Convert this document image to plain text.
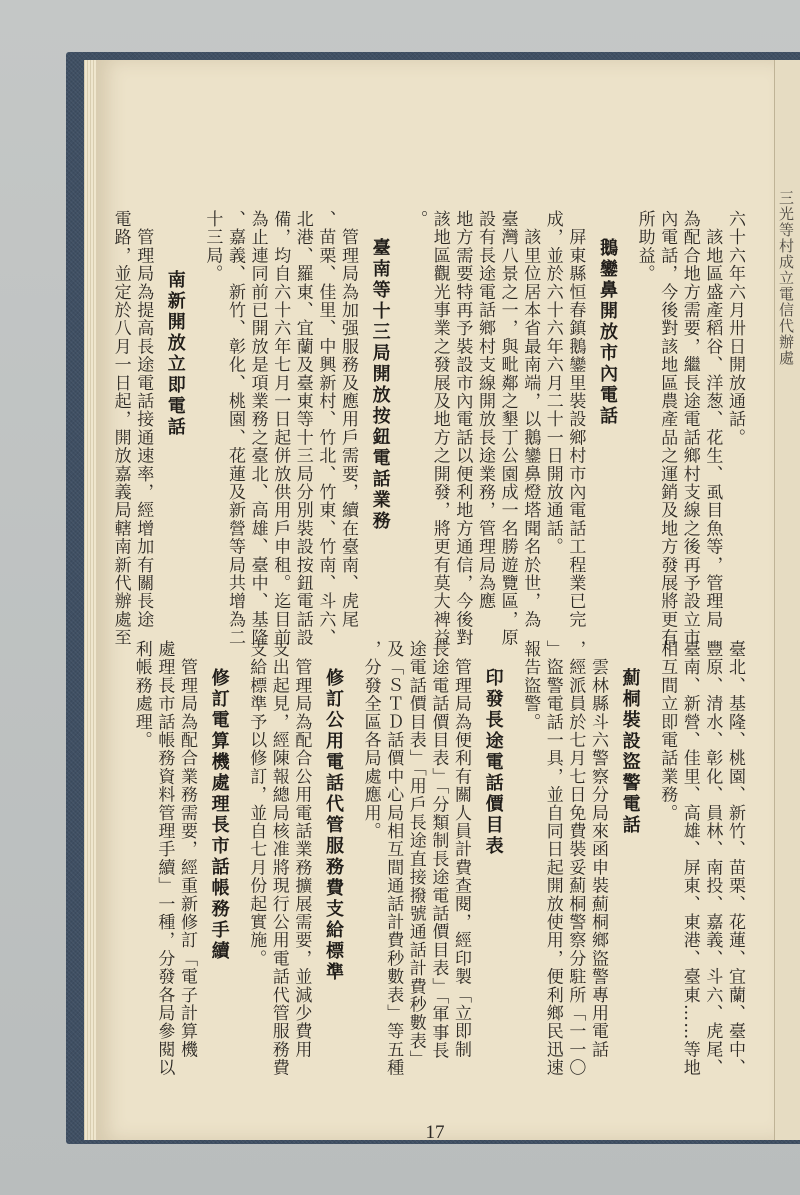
六十六年六月卅日開放通話。
　該地區盛產稻谷、洋葱、花生、虱目魚等，管理局
為配合地方需要，繼長途電話鄉村支線之後再予設立市
內電話，今後對該地區農產品之運銷及地方發展將更有
所助益。
鵝鑾鼻開放市內電話
　屏東縣恒春鎮鵝鑾里裝設鄉村市內電話工程業已完
成，並於六十六年六月二十一日開放通話。
　該里位居本省最南端，以鵝鑾鼻燈塔聞名於世，為
臺灣八景之一，與毗鄰之墾丁公園成一名勝遊覽區，原
設有長途電話鄉村支線開放長途業務，管理局為應
地方需要特再予裝設市內電話以便利地方通信，今後對
該地區觀光事業之發展及地方之開發，將更有莫大裨益
。
臺南等十三局開放按鈕電話業務
　管理局為加强服務及應用戶需要，續在臺南、虎尾
、苗栗、佳里、中興新村、竹北、竹東、竹南、斗六、
北港、羅東、宜蘭及臺東等十三局分別裝設按鈕電話設
備，均自六十六年七月一日起併放供用戶申租。迄目前
為止連同前已開放是項業務之臺北、高雄、臺中、基隆
、嘉義、新竹、彰化、桃園、花蓮及新營等局共增為二
十三局。
南新開放立即電話
　管理局為提高長途電話接通速率，經增加有關長途
電路，並定於八月一日起，開放嘉義局轄南新代辦處至
臺北、基隆、桃園、新竹、苗栗、花蓮、宜蘭、臺中、
豐原、清水、彰化、員林、南投、嘉義、斗六、虎尾、
臺南、新營、佳里、高雄、屏東、東港、臺東……等地
相互間立即電話業務。
薊桐裝設盜警電話
　雲林縣斗六警察分局來函申裝薊桐鄉盜警專用電話
，經派員於七月七日免費裝妥薊桐警察分駐所「一一〇
」盜警電話一具，並自同日起開放使用，便利鄉民迅速
報告盜警。
印發長途電話價目表
　管理局為便利有關人員計費查閱，經印製「立即制
長途電話價目表」「分類制長途電話價目表」「軍事長
途電話價目表」「用戶長途直接撥號通話計費秒數表」
及「ＳＴＤ話價中心局相互間通話計費秒數表」等五種
，分發全區各局處應用。
修訂公用電話代管服務費支給標準
　管理局為配合公用電話業務擴展需要，並減少費用
支出起見，經陳報總局核准將現行公用電話代管服務費
支給標準予以修訂，並自七月份起實施。
修訂電算機處理長市話帳務手續
　管理局為配合業務需要，經重新修訂「電子計算機
處理長市話帳務資料管理手續」一種，分發各局參閱以
利帳務處理。
17
三光等村成立電信代辦處
